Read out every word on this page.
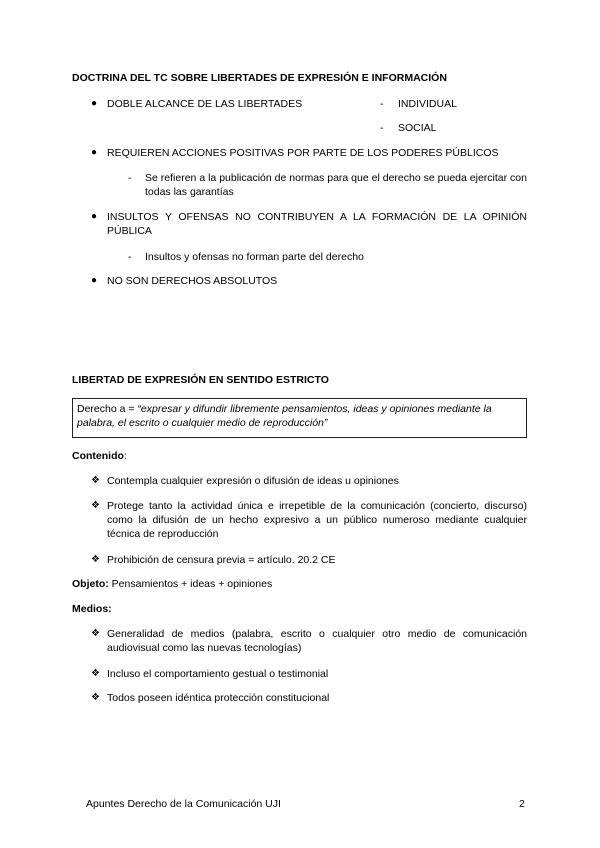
DOCTRINA DEL TC SOBRE LIBERTADES DE EXPRESIÓN E INFORMACIÓN
● DOBLE ALCANCE DE LAS LIBERTADES	- INDIVIDUAL
- SOCIAL
● REQUIEREN ACCIONES POSITIVAS POR PARTE DE LOS PODERES PÚBLICOS
- Se refieren a la publicación de normas para que el derecho se pueda ejercitar con todas las garantías
● INSULTOS Y OFENSAS NO CONTRIBUYEN A LA FORMACIÓN DE LA OPINIÓN PÚBLICA
- Insultos y ofensas no forman parte del derecho
● NO SON DERECHOS ABSOLUTOS
LIBERTAD DE EXPRESIÓN EN SENTIDO ESTRICTO
Derecho a = “expresar y difundir libremente pensamientos, ideas y opiniones mediante la palabra, el escrito o cualquier medio de reproducción”
Contenido:
❖ Contempla cualquier expresión o difusión de ideas u opiniones
❖ Protege tanto la actividad única e irrepetible de la comunicación (concierto, discurso) como la difusión de un hecho expresivo a un público numeroso mediante cualquier técnica de reproducción
❖ Prohibición de censura previa = artículo. 20.2 CE
Objeto: Pensamientos + ideas + opiniones
Medios:
❖ Generalidad de medios (palabra, escrito o cualquier otro medio de comunicación audiovisual como las nuevas tecnologías)
❖ Incluso el comportamiento gestual o testimonial
❖ Todos poseen idéntica protección constitucional
Apuntes Derecho de la Comunicación UJI	2
